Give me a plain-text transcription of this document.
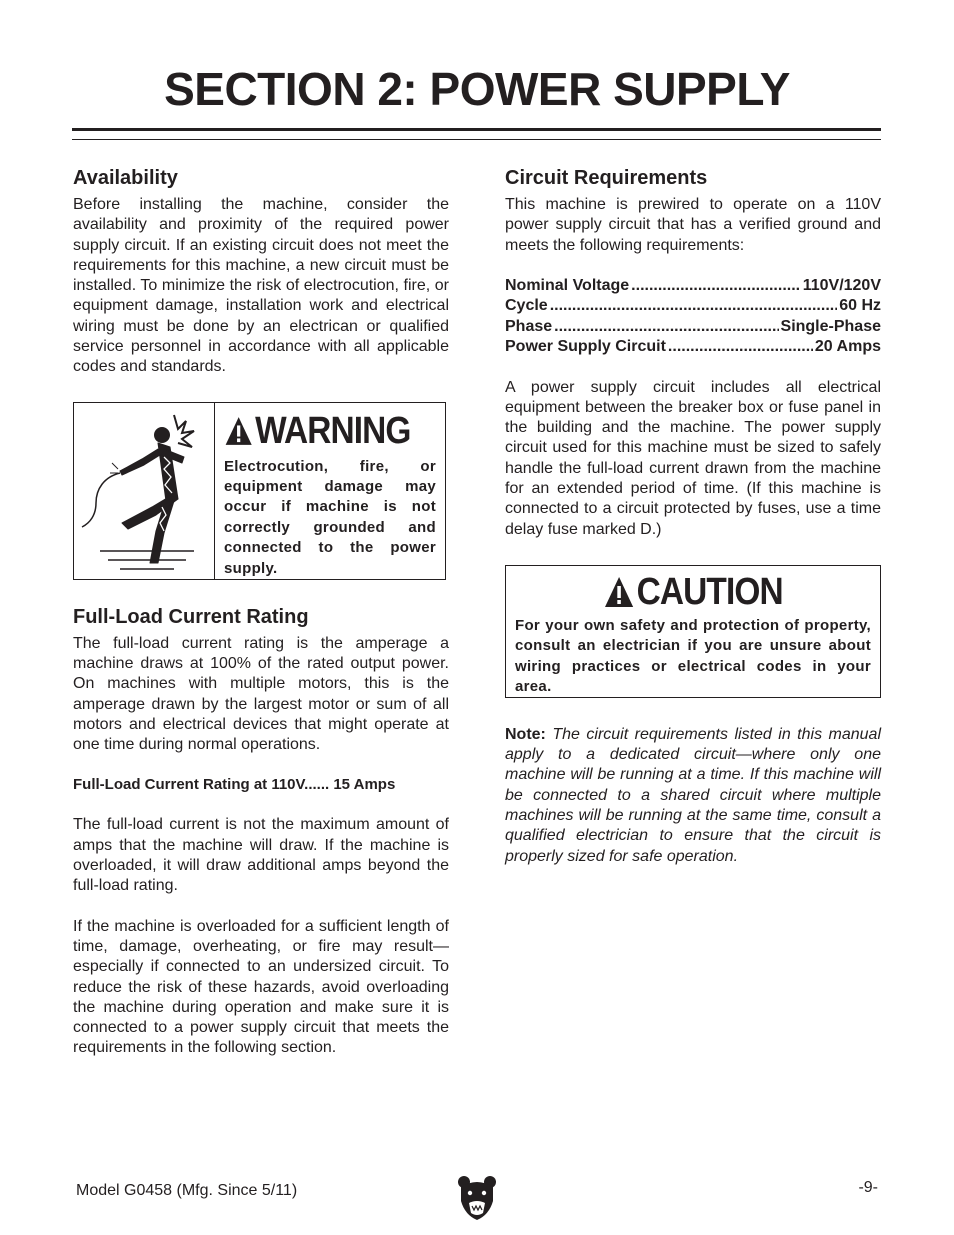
SECTION 2: POWER SUPPLY
Availability

Before installing the machine, consider the availability and proximity of the required power supply circuit. If an existing circuit does not meet the requirements for this machine, a new circuit must be installed. To minimize the risk of electrocution, fire, or equipment damage, installation work and electrical wiring must be done by an electrican or qualified service personnel in accordance with all applicable codes and standards.

WARNING
Electrocution, fire, or equipment damage may occur if machine is not correctly grounded and connected to the power supply.
Full-Load Current Rating

The full-load current rating is the amperage a machine draws at 100% of the rated output power. On machines with multiple motors, this is the amperage drawn by the largest motor or sum of all motors and electrical devices that might operate at one time during normal operations.

Full-Load Current Rating at 110V...... 15 Amps

The full-load current is not the maximum amount of amps that the machine will draw. If the machine is overloaded, it will draw additional amps beyond the full-load rating.

If the machine is overloaded for a sufficient length of time, damage, overheating, or fire may result—especially if connected to an undersized circuit. To reduce the risk of these hazards, avoid overloading the machine during operation and make sure it is connected to a power supply circuit that meets the requirements in the following section.

Circuit Requirements

This machine is prewired to operate on a 110V power supply circuit that has a verified ground and meets the following requirements:

Nominal Voltage .....	110V/120V
Cycle .....	60 Hz
Phase .....	Single-Phase
Power Supply Circuit .....	20 Amps

A power supply circuit includes all electrical equipment between the breaker box or fuse panel in the building and the machine. The power supply circuit used for this machine must be sized to safely handle the full-load current drawn from the machine for an extended period of time. (If this machine is connected to a circuit protected by fuses, use a time delay fuse marked D.)

CAUTION
For your own safety and protection of property, consult an electrician if you are unsure about wiring practices or electrical codes in your area.
Note: The circuit requirements listed in this manual apply to a dedicated circuit—where only one machine will be running at a time. If this machine will be connected to a shared circuit where multiple machines will be running at the same time, consult a qualified electrician to ensure that the circuit is properly sized for safe operation.
Model G0458 (Mfg. Since 5/11)	-9-
